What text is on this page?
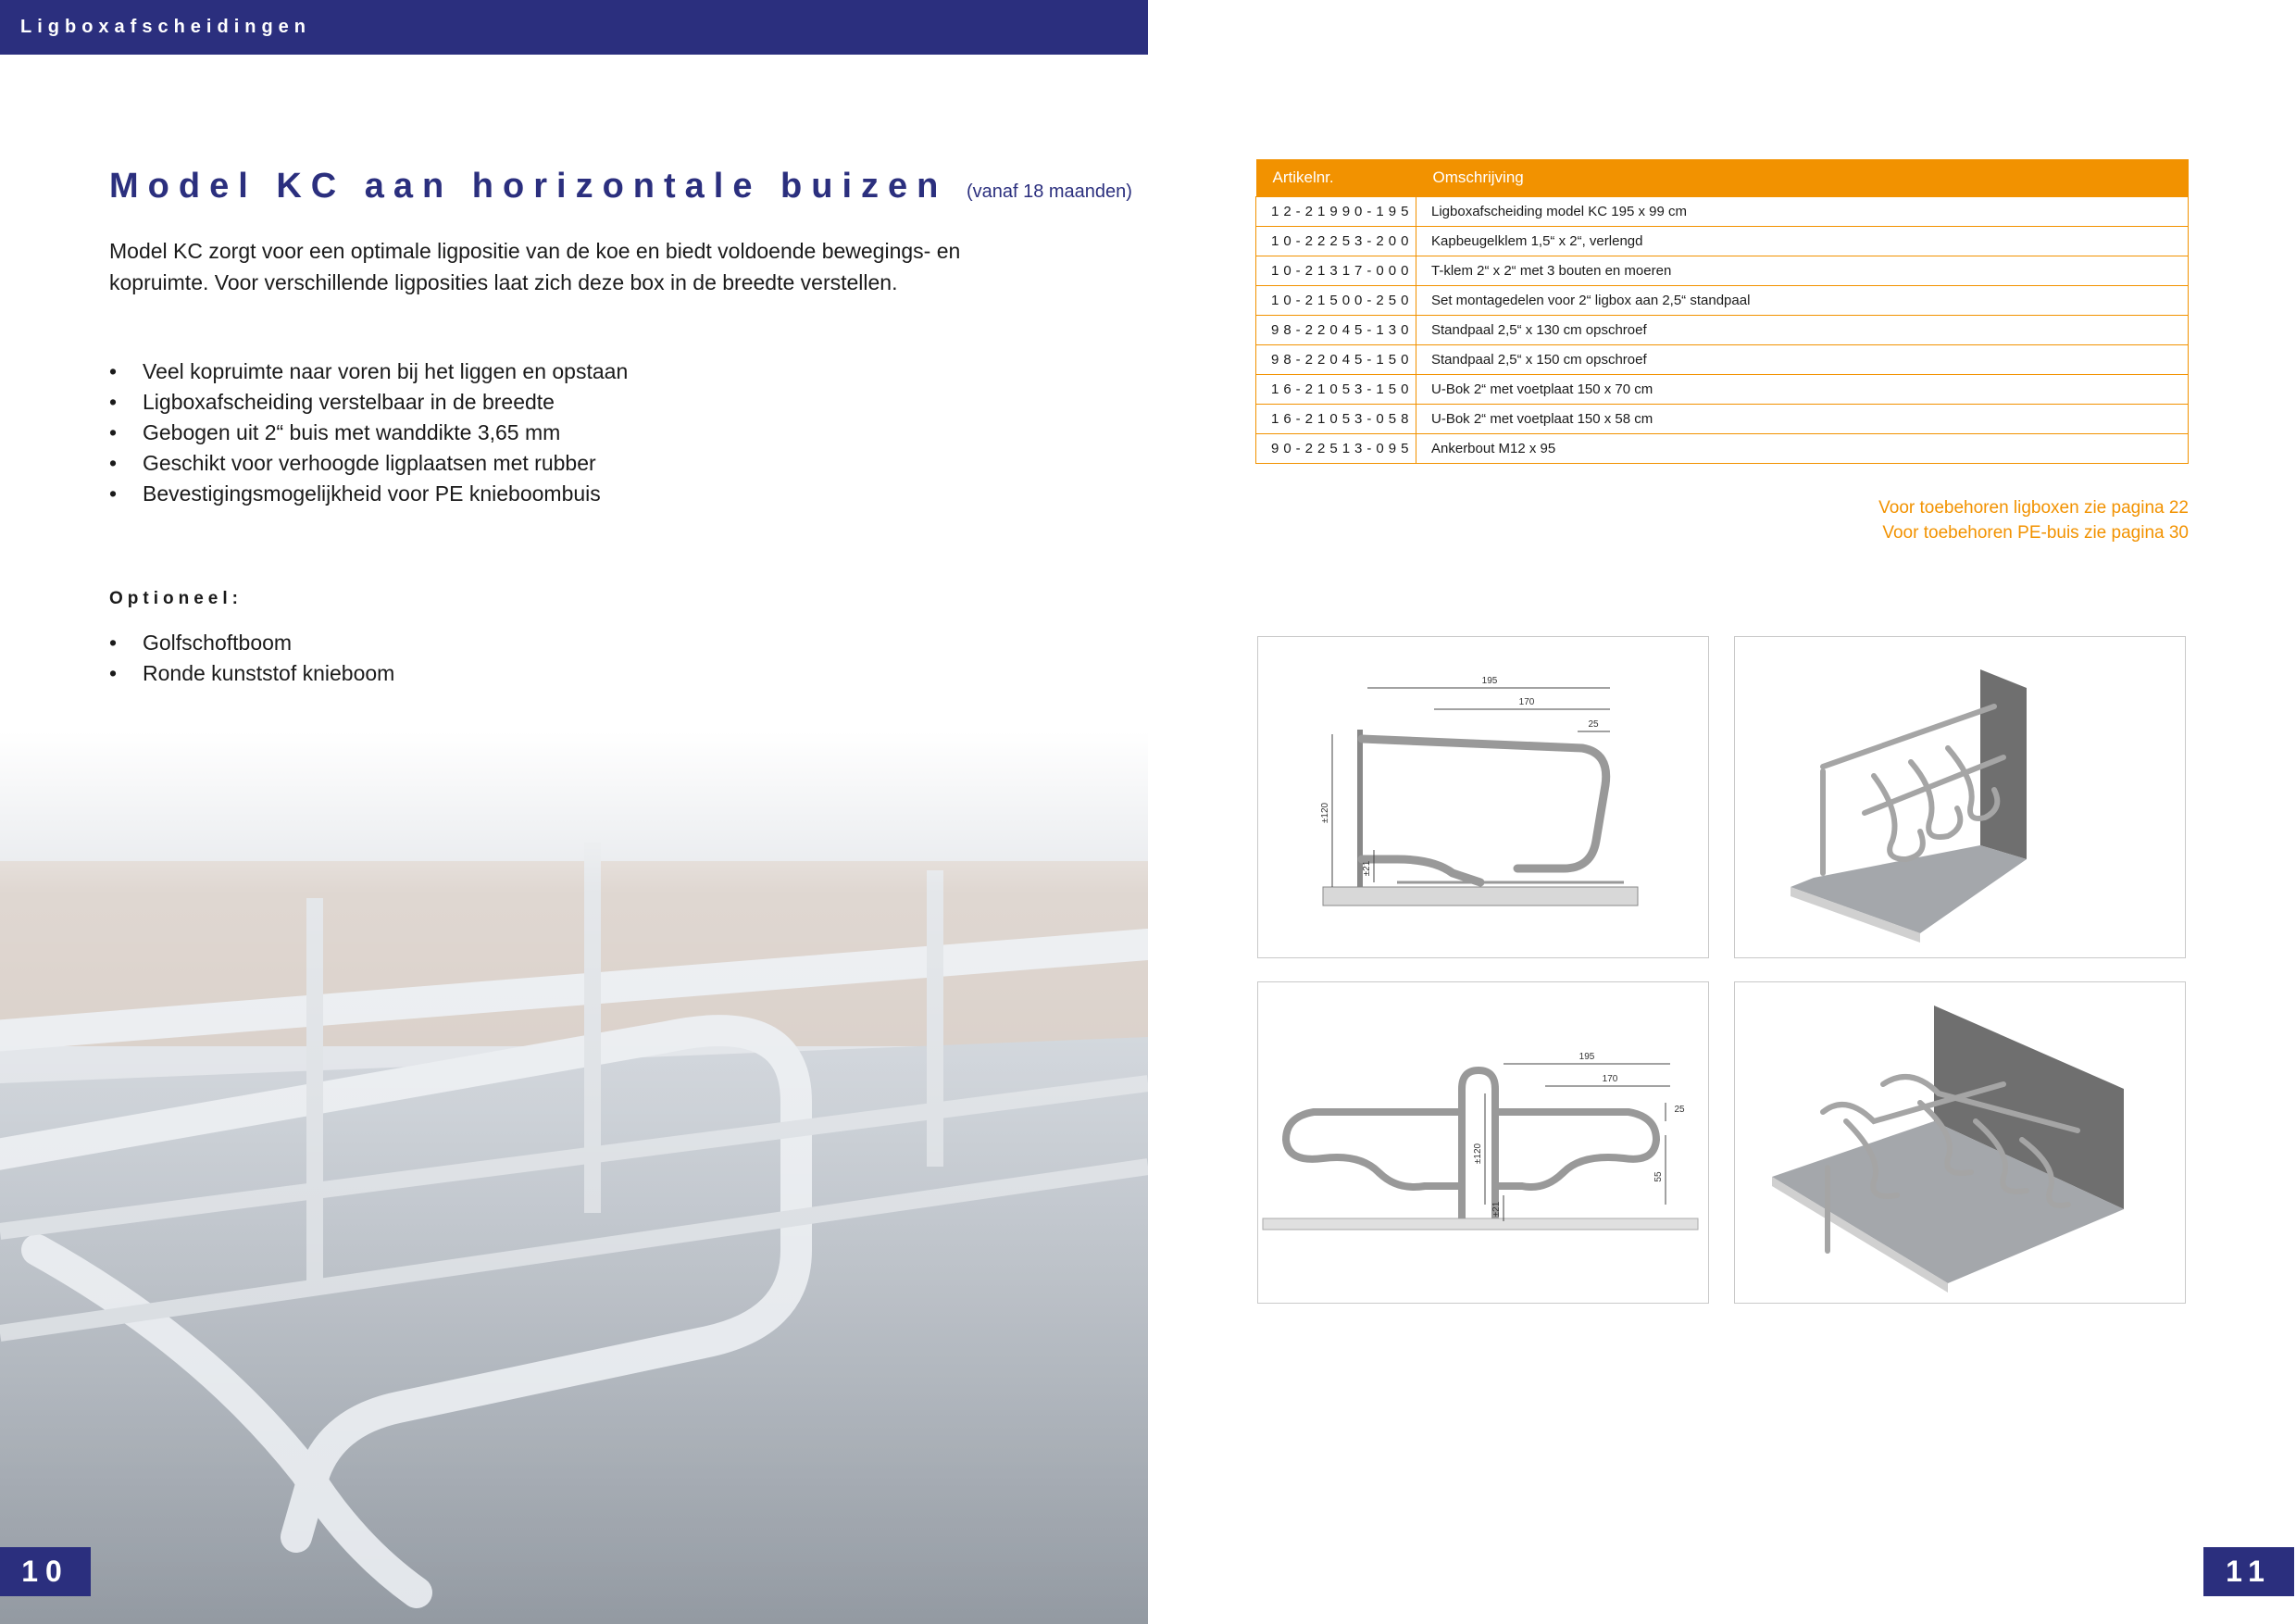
Ligboxafscheidingen
Model KC aan horizontale buizen (vanaf 18 maanden)
Model KC zorgt voor een optimale ligpositie van de koe en biedt voldoende bewegings- en kopruimte. Voor verschillende ligposities laat zich deze box in de breedte verstellen.
• Veel kopruimte naar voren bij het liggen en opstaan
• Ligboxafscheiding verstelbaar in de breedte
• Gebogen uit 2“ buis met wanddikte 3,65 mm
• Geschikt voor verhoogde ligplaatsen met rubber
• Bevestigingsmogelijkheid voor PE knieboombuis
Optioneel:
• Golfschoftboom
• Ronde kunststof knieboom
10
Artikelnr.	Omschrijving
12-21990-195	Ligboxafscheiding model KC 195 x 99 cm
10-22253-200	Kapbeugelklem 1,5“ x 2“, verlengd
10-21317-000	T-klem 2“ x 2“ met 3 bouten en moeren
10-21500-250	Set montagedelen voor 2“ ligbox aan 2,5“ standpaal
98-22045-130	Standpaal 2,5“ x 130 cm opschroef
98-22045-150	Standpaal 2,5“ x 150 cm opschroef
16-21053-150	U-Bok 2“ met voetplaat 150 x 70 cm
16-21053-058	U-Bok 2“ met voetplaat 150 x 58 cm
90-22513-095	Ankerbout M12 x 95
Voor toebehoren ligboxen zie pagina 22
Voor toebehoren PE-buis zie pagina 30
195
170
25
±120
±21
195
170
25
±120
55
±21
11
